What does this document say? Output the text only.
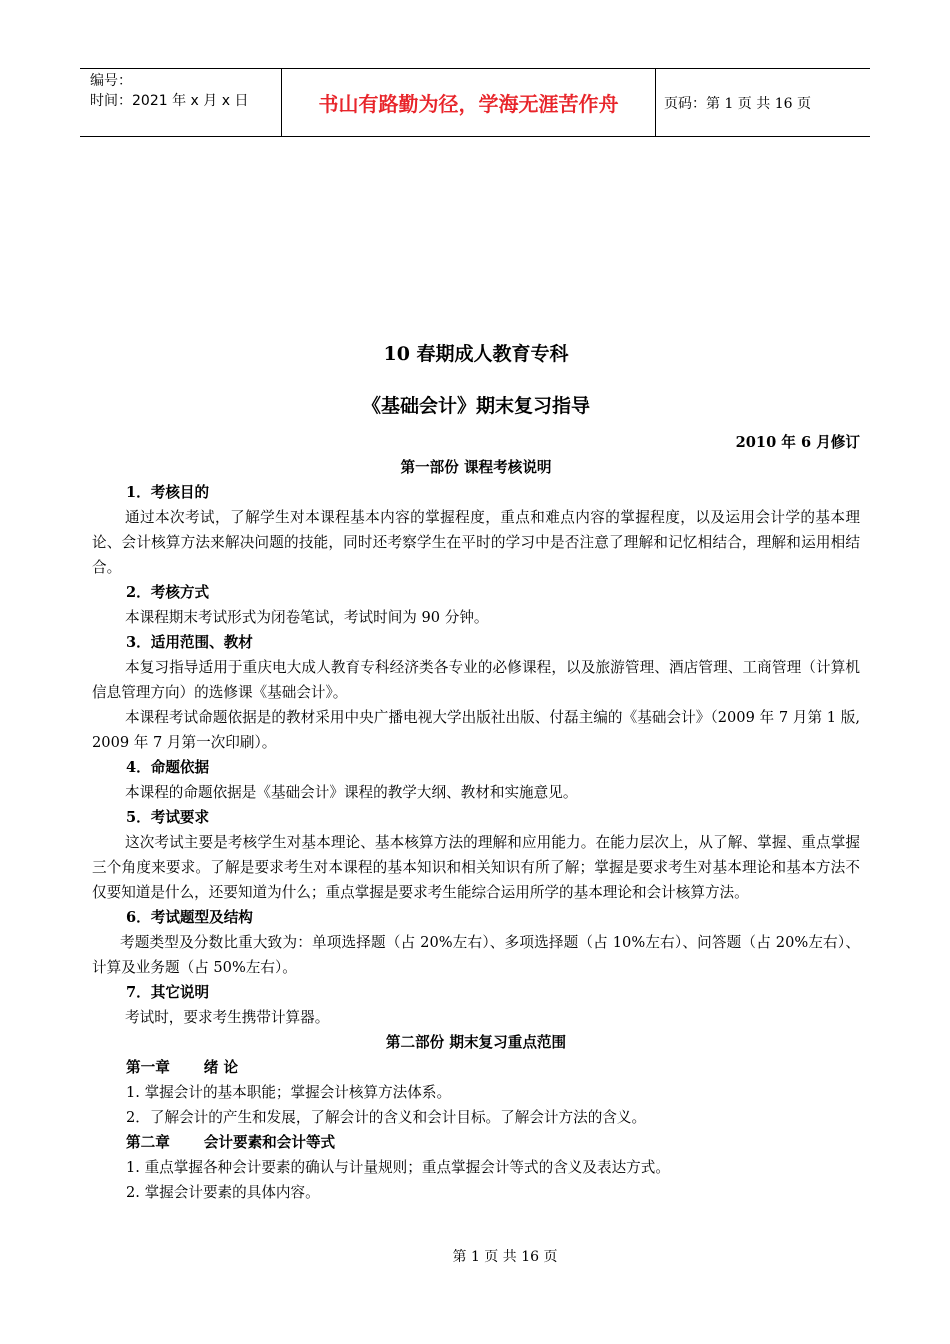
编号：
时间：2021 年 x 月 x 日	书山有路勤为径，学海无涯苦作舟	页码：第 1 页 共 16 页
10 春期成人教育专科
《基础会计》期末复习指导
2010 年 6 月修订
第一部份 课程考核说明
1．考核目的
通过本次考试，了解学生对本课程基本内容的掌握程度，重点和难点内容的掌握程度，以及运用会计学的基本理论、会计核算方法来解决问题的技能，同时还考察学生在平时的学习中是否注意了理解和记忆相结合，理解和运用相结合。
2．考核方式
本课程期末考试形式为闭卷笔试，考试时间为 90 分钟。
3．适用范围、教材
本复习指导适用于重庆电大成人教育专科经济类各专业的必修课程，以及旅游管理、酒店管理、工商管理（计算机信息管理方向）的选修课《基础会计》。
本课程考试命题依据是的教材采用中央广播电视大学出版社出版、付磊主编的《基础会计》（2009 年 7 月第 1 版, 2009 年 7 月第一次印刷）。
4．命题依据
本课程的命题依据是《基础会计》课程的教学大纲、教材和实施意见。
5．考试要求
这次考试主要是考核学生对基本理论、基本核算方法的理解和应用能力。在能力层次上，从了解、掌握、重点掌握三个角度来要求。了解是要求考生对本课程的基本知识和相关知识有所了解；掌握是要求考生对基本理论和基本方法不仅要知道是什么，还要知道为什么；重点掌握是要求考生能综合运用所学的基本理论和会计核算方法。
6．考试题型及结构
考题类型及分数比重大致为：单项选择题（占 20%左右）、多项选择题（占 10%左右）、问答题（占 20%左右）、计算及业务题（占 50%左右）。
7．其它说明
考试时，要求考生携带计算器。
第二部份 期末复习重点范围
第一章 绪 论
1. 掌握会计的基本职能；掌握会计核算方法体系。
2．了解会计的产生和发展，了解会计的含义和会计目标。了解会计方法的含义。
第二章 会计要素和会计等式
1. 重点掌握各种会计要素的确认与计量规则；重点掌握会计等式的含义及表达方式。
2. 掌握会计要素的具体内容。
第 1 页 共 16 页
